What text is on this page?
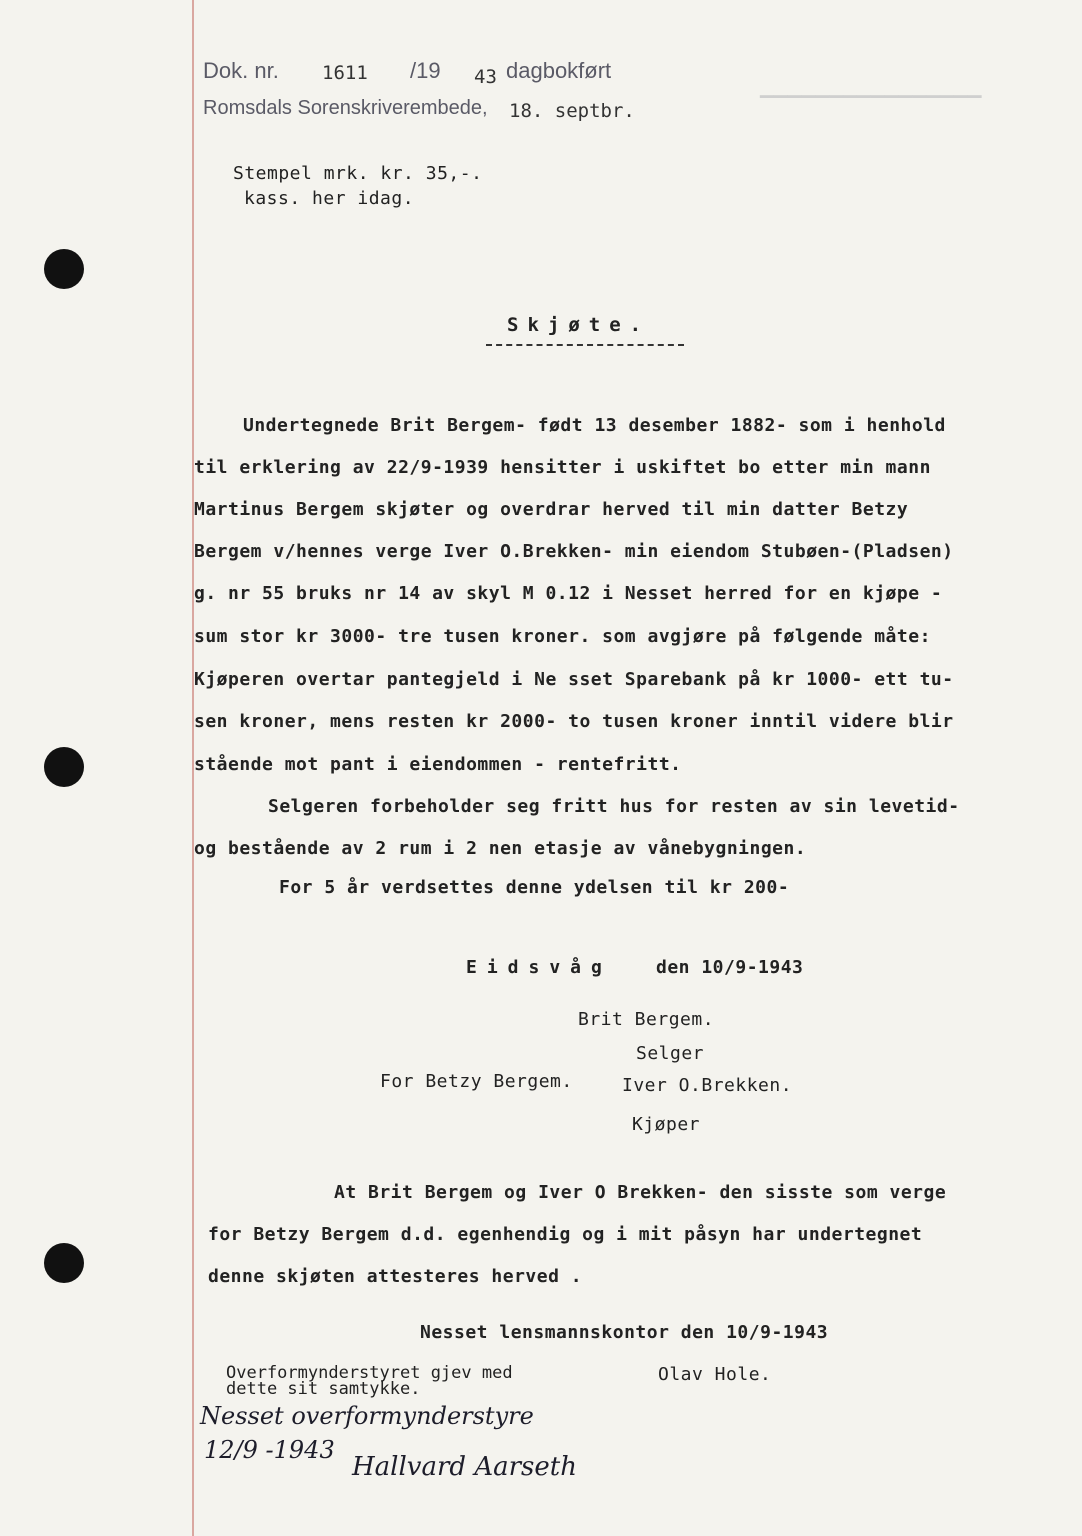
▔▔▔▔▔▔▔▔▔▔▔▔▔▔▔▔
Dok. nr. 1611 /19 43 dagbokført
Romsdals Sorenskriverembede, 18. septbr.
Stempel mrk. kr. 35,-.
kass. her idag.
Skjøte.
Undertegnede Brit Bergem- født 13 desember 1882- som i henhold
til erklering av 22/9-1939 hensitter i uskiftet bo etter min mann
Martinus Bergem skjøter og overdrar herved til min datter Betzy
Bergem v/hennes verge Iver O.Brekken- min eiendom Stubøen-(Pladsen)
g. nr 55 bruks nr 14 av skyl M 0.12 i Nesset herred for en kjøpe -
sum stor kr 3000- tre tusen kroner. som avgjøre på følgende måte:
Kjøperen overtar pantegjeld i Ne sset Sparebank på kr 1000- ett tu-
sen kroner, mens resten kr 2000- to tusen kroner inntil videre blir
stående mot pant i eiendommen - rentefritt.
Selgeren forbeholder seg fritt hus for resten av sin levetid-
og bestående av 2 rum i 2 nen etasje av vånebygningen.
For 5 år verdsettes denne ydelsen til kr 200-
Eidsvåg den 10/9-1943
Brit Bergem.
Selger
For Betzy Bergem.	Iver O.Brekken.
Kjøper
At Brit Bergem og Iver O Brekken- den sisste som verge
for Betzy Bergem d.d. egenhendig og i mit påsyn har undertegnet
denne skjøten attesteres herved .
Nesset lensmannskontor den 10/9-1943
Olav Hole.
Overformynderstyret gjev med
dette sit samtykke.
Nesset overformynderstyre
12/9 -1943
Hallvard Aarseth
